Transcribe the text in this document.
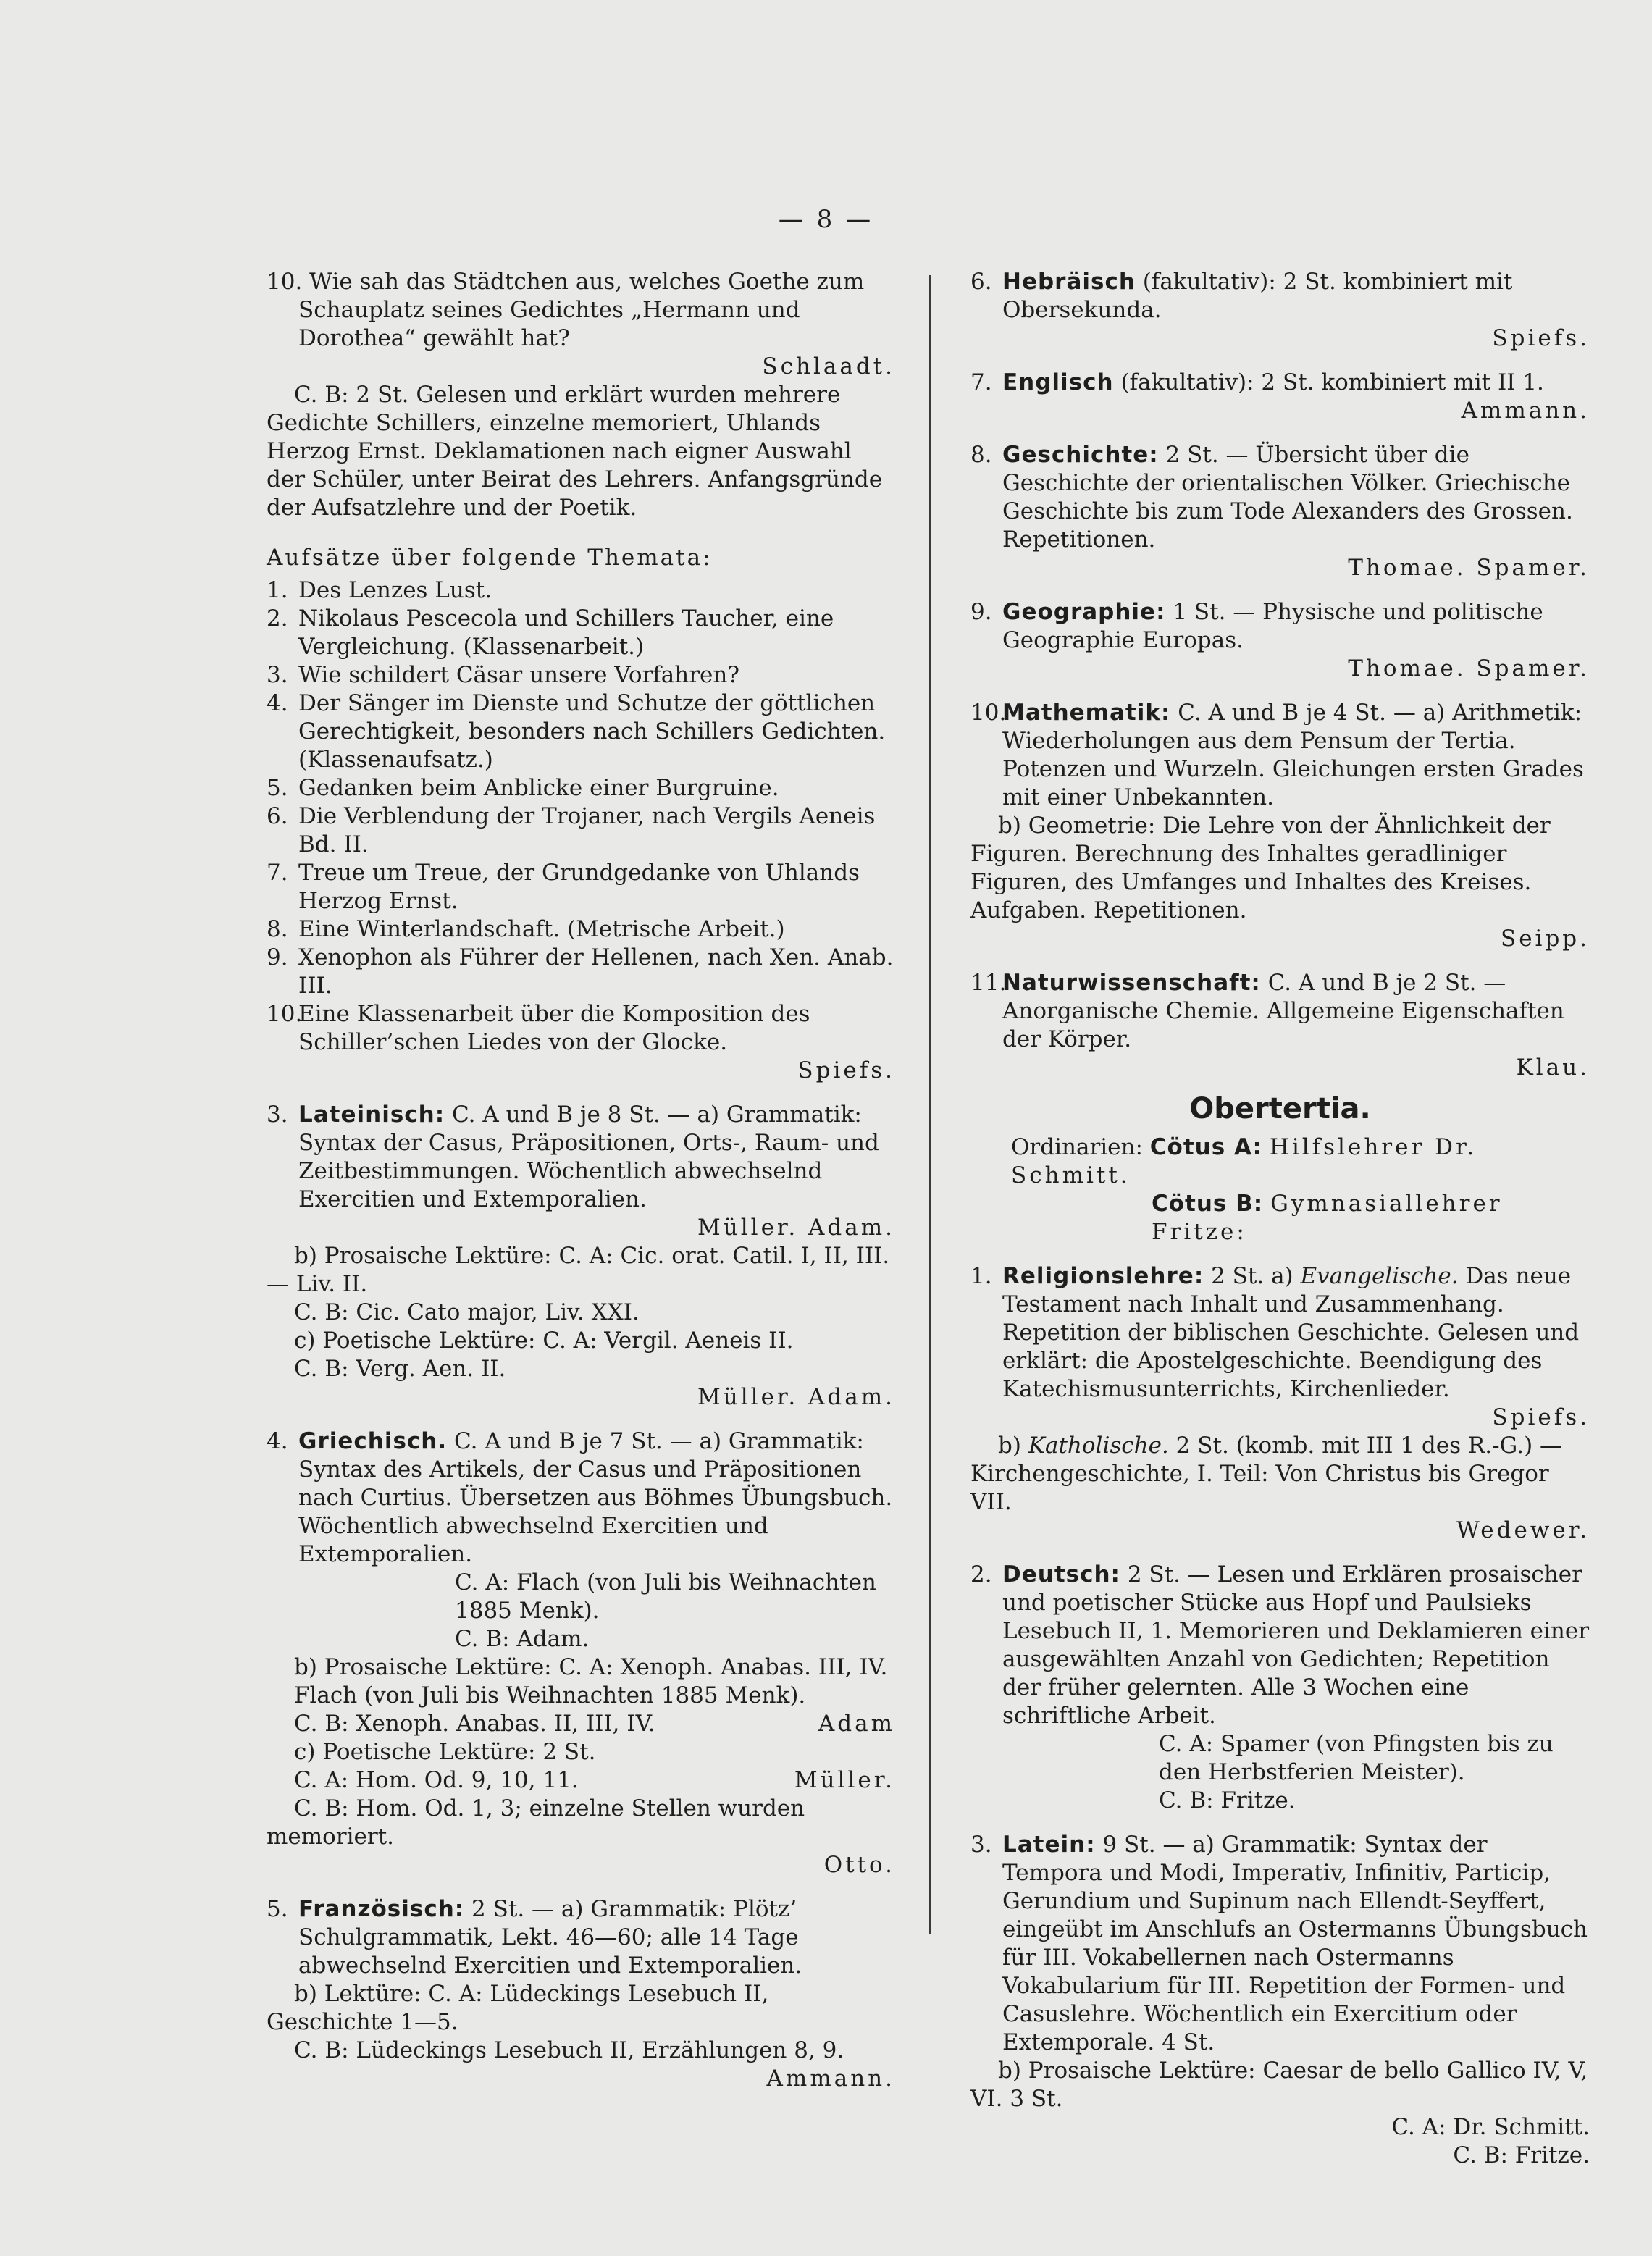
— 8 —

10. Wie sah das Städtchen aus, welches Goethe zum Schauplatz seines Gedichtes „Hermann und Dorothea“ gewählt hat?

Schlaadt.

C. B: 2 St. Gelesen und erklärt wurden mehrere Gedichte Schillers, einzelne memoriert, Uhlands Herzog Ernst. Deklamationen nach eigner Auswahl der Schüler, unter Beirat des Lehrers. Anfangsgründe der Aufsatzlehre und der Poetik.

Aufsätze über folgende Themata:

1. Des Lenzes Lust.
2. Nikolaus Pescecola und Schillers Taucher, eine Vergleichung. (Klassenarbeit.)
3. Wie schildert Cäsar unsere Vorfahren?
4. Der Sänger im Dienste und Schutze der göttlichen Gerechtigkeit, besonders nach Schillers Gedichten. (Klassenaufsatz.)
5. Gedanken beim Anblicke einer Burgruine.
6. Die Verblendung der Trojaner, nach Vergils Aeneis Bd. II.
7. Treue um Treue, der Grundgedanke von Uhlands Herzog Ernst.
8. Eine Winterlandschaft. (Metrische Arbeit.)
9. Xenophon als Führer der Hellenen, nach Xen. Anab. III.
10.Eine Klassenarbeit über die Komposition des Schiller’schen Liedes von der Glocke.

Spiefs.

3. Lateinisch: C. A und B je 8 St. — a) Grammatik: Syntax der Casus, Präpositionen, Orts-, Raum- und Zeitbestimmungen. Wöchentlich abwechselnd Exercitien und Extemporalien.

Müller. Adam.

b) Prosaische Lektüre: C. A: Cic. orat. Catil. I, II, III. — Liv. II.

C. B: Cic. Cato major, Liv. XXI.

c) Poetische Lektüre: C. A: Vergil. Aeneis II.

C. B: Verg. Aen. II.

Müller. Adam.

4. Griechisch. C. A und B je 7 St. — a) Grammatik: Syntax des Artikels, der Casus und Präpositionen nach Curtius. Übersetzen aus Böhmes Übungsbuch. Wöchentlich abwechselnd Exercitien und Extemporalien.

C. A: Flach (von Juli bis Weihnachten 1885 Menk).

C. B: Adam.

b) Prosaische Lektüre: C. A: Xenoph. Anabas. III, IV.

Flach (von Juli bis Weihnachten 1885 Menk).

C. B: Xenoph. Anabas. II, III, IV.	Adam

c) Poetische Lektüre: 2 St.

C. A: Hom. Od. 9, 10, 11.	Müller.

C. B: Hom. Od. 1, 3; einzelne Stellen wurden memoriert.

Otto.

5. Französisch: 2 St. — a) Grammatik: Plötz’ Schulgrammatik, Lekt. 46—60; alle 14 Tage abwechselnd Exercitien und Extemporalien.

b) Lektüre: C. A: Lüdeckings Lesebuch II, Geschichte 1—5.

C. B: Lüdeckings Lesebuch II, Erzählungen 8, 9.

Ammann.

6. Hebräisch (fakultativ): 2 St. kombiniert mit Obersekunda.

Spiefs.

7. Englisch (fakultativ): 2 St. kombiniert mit II 1.

Ammann.

8. Geschichte: 2 St. — Übersicht über die Geschichte der orientalischen Völker. Griechische Geschichte bis zum Tode Alexanders des Grossen. Repetitionen.

Thomae. Spamer.

9. Geographie: 1 St. — Physische und politische Geographie Europas.

Thomae. Spamer.

10.Mathematik: C. A und B je 4 St. — a) Arithmetik: Wiederholungen aus dem Pensum der Tertia. Potenzen und Wurzeln. Gleichungen ersten Grades mit einer Unbekannten.

b) Geometrie: Die Lehre von der Ähnlichkeit der Figuren. Berechnung des Inhaltes geradliniger Figuren, des Umfanges und Inhaltes des Kreises. Aufgaben. Repetitionen.

Seipp.

11.Naturwissenschaft: C. A und B je 2 St. — Anorganische Chemie. Allgemeine Eigenschaften der Körper.

Klau.

Obertertia.

Ordinarien: Cötus A: Hilfslehrer Dr. Schmitt.

Cötus B: Gymnasiallehrer Fritze:

1. Religionslehre: 2 St. a) Evangelische. Das neue Testament nach Inhalt und Zusammenhang. Repetition der biblischen Geschichte. Gelesen und erklärt: die Apostelgeschichte. Beendigung des Katechismusunterrichts, Kirchenlieder.

Spiefs.

b) Katholische. 2 St. (komb. mit III 1 des R.-G.) — Kirchengeschichte, I. Teil: Von Christus bis Gregor VII.

Wedewer.

2. Deutsch: 2 St. — Lesen und Erklären prosaischer und poetischer Stücke aus Hopf und Paulsieks Lesebuch II, 1. Memorieren und Deklamieren einer ausgewählten Anzahl von Gedichten; Repetition der früher gelernten. Alle 3 Wochen eine schriftliche Arbeit.

C. A: Spamer (von Pfingsten bis zu den Herbstferien Meister).

C. B: Fritze.

3. Latein: 9 St. — a) Grammatik: Syntax der Tempora und Modi, Imperativ, Infinitiv, Particip, Gerundium und Supinum nach Ellendt-Seyffert, eingeübt im Anschlufs an Ostermanns Übungsbuch für III. Vokabellernen nach Ostermanns Vokabularium für III. Repetition der Formen- und Casuslehre. Wöchentlich ein Exercitium oder Extemporale. 4 St.

b) Prosaische Lektüre: Caesar de bello Gallico IV, V, VI. 3 St.

C. A: Dr. Schmitt.

C. B: Fritze.
